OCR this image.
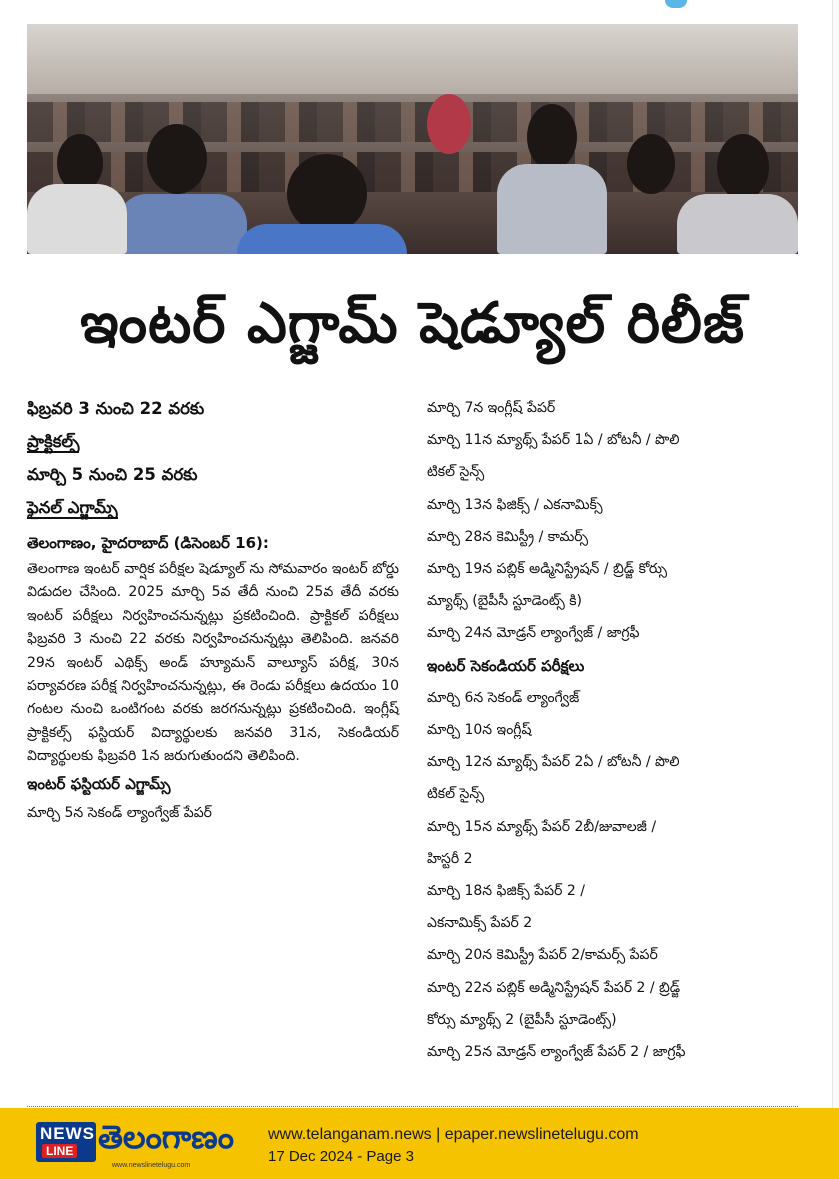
ఇంటర్ ఎగ్జామ్ షెడ్యూల్ రిలీజ్
ఫిబ్రవరి 3 నుంచి 22 వరకు
ప్రాక్టికల్స్
మార్చి 5 నుంచి 25 వరకు
ఫైనల్ ఎగ్జామ్స్
తెలంగాణం, హైదరాబాద్ (డిసెంబర్ 16):
తెలంగాణ ఇంటర్ వార్షిక పరీక్షల షెడ్యూల్ ను సోమవారం ఇంటర్ బోర్డు విడుదల చేసింది. 2025 మార్చి 5వ తేదీ నుంచి 25వ తేదీ వరకు ఇంటర్ పరీక్షలు నిర్వహించనున్నట్లు ప్రకటించింది. ప్రాక్టికల్ పరీక్షలు ఫిబ్రవరి 3 నుంచి 22 వరకు నిర్వహించనున్నట్లు తెలిపింది. జనవరి 29న ఇంటర్ ఎథిక్స్ అండ్ హ్యూమన్ వాల్యూస్ పరీక్ష, 30న పర్యావరణ పరీక్ష నిర్వహించనున్నట్లు, ఈ రెండు పరీక్షలు ఉదయం 10 గంటల నుంచి ఒంటిగంట వరకు జరగనున్నట్లు ప్రకటించింది. ఇంగ్లీష్ ప్రాక్టికల్స్ ఫస్టియర్ విద్యార్థులకు జనవరి 31న, సెకండియర్ విద్యార్థులకు ఫిబ్రవరి 1న జరుగుతుందని తెలిపింది.
ఇంటర్ ఫస్టియర్ ఎగ్జామ్స్
మార్చి 5న సెకండ్ ల్యాంగ్వేజ్ పేపర్
మార్చి 7న ఇంగ్లీష్ పేపర్
మార్చి 11న మ్యాథ్స్ పేపర్ 1ఏ / బోటనీ / పొలి
టికల్ సైన్స్
మార్చి 13న ఫిజిక్స్ / ఎకనామిక్స్
మార్చి 28న కెమిస్ట్రీ / కామర్స్
మార్చి 19న పబ్లిక్ అడ్మినిస్ట్రేషన్ / బ్రిడ్జ్ కోర్సు
మ్యాథ్స్ (బైపీసీ స్టూడెంట్స్ కి)
మార్చి 24న మోడ్రన్ ల్యాంగ్వేజ్ / జాగ్రఫీ
ఇంటర్ సెకండియర్ పరీక్షలు
మార్చి 6న సెకండ్ ల్యాంగ్వేజ్
మార్చి 10న ఇంగ్లీష్
మార్చి 12న మ్యాథ్స్ పేపర్ 2ఏ / బోటనీ / పొలి
టికల్ సైన్స్
మార్చి 15న మ్యాథ్స్ పేపర్ 2బీ/జువాలజీ /
హిస్టరీ 2
మార్చి 18న ఫిజిక్స్ పేపర్ 2 /
ఎకనామిక్స్ పేపర్ 2
మార్చి 20న కెమిస్ట్రీ పేపర్ 2/కామర్స్ పేపర్
మార్చి 22న పబ్లిక్ అడ్మినిస్ట్రేషన్ పేపర్ 2 / బ్రిడ్జ్
కోర్సు మ్యాథ్స్ 2 (బైపీసీ స్టూడెంట్స్)
మార్చి 25న మోడ్రన్ ల్యాంగ్వేజ్ పేపర్ 2 / జాగ్రఫీ
NEWS
LINE తెలంగాణం
www.newslinetelugu.com
www.telanganam.news | epaper.newslinetelugu.com
17 Dec 2024 - Page 3
